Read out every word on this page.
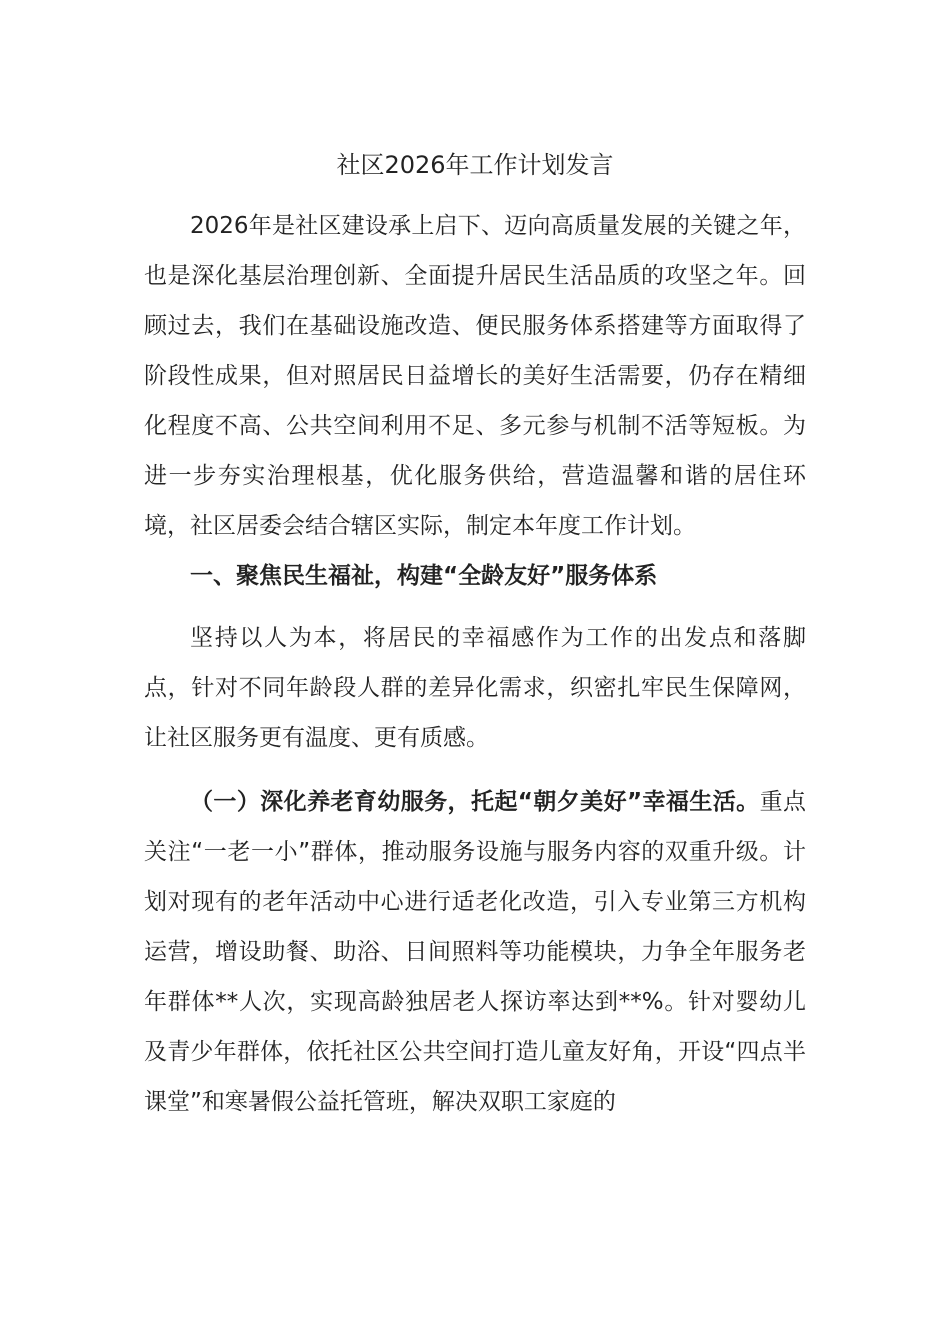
社区2026年工作计划发言

2026年是社区建设承上启下、迈向高质量发展的关键之年，也是深化基层治理创新、全面提升居民生活品质的攻坚之年。回顾过去，我们在基础设施改造、便民服务体系搭建等方面取得了阶段性成果，但对照居民日益增长的美好生活需要，仍存在精细化程度不高、公共空间利用不足、多元参与机制不活等短板。为进一步夯实治理根基，优化服务供给，营造温馨和谐的居住环境，社区居委会结合辖区实际，制定本年度工作计划。

一、聚焦民生福祉，构建“全龄友好”服务体系

坚持以人为本，将居民的幸福感作为工作的出发点和落脚点，针对不同年龄段人群的差异化需求，织密扎牢民生保障网，让社区服务更有温度、更有质感。

（一）深化养老育幼服务，托起“朝夕美好”幸福生活。重点关注“一老一小”群体，推动服务设施与服务内容的双重升级。计划对现有的老年活动中心进行适老化改造，引入专业第三方机构运营，增设助餐、助浴、日间照料等功能模块，力争全年服务老年群体**人次，实现高龄独居老人探访率达到**%。针对婴幼儿及青少年群体，依托社区公共空间打造儿童友好角，开设“四点半课堂”和寒暑假公益托管班，解决双职工家庭的
